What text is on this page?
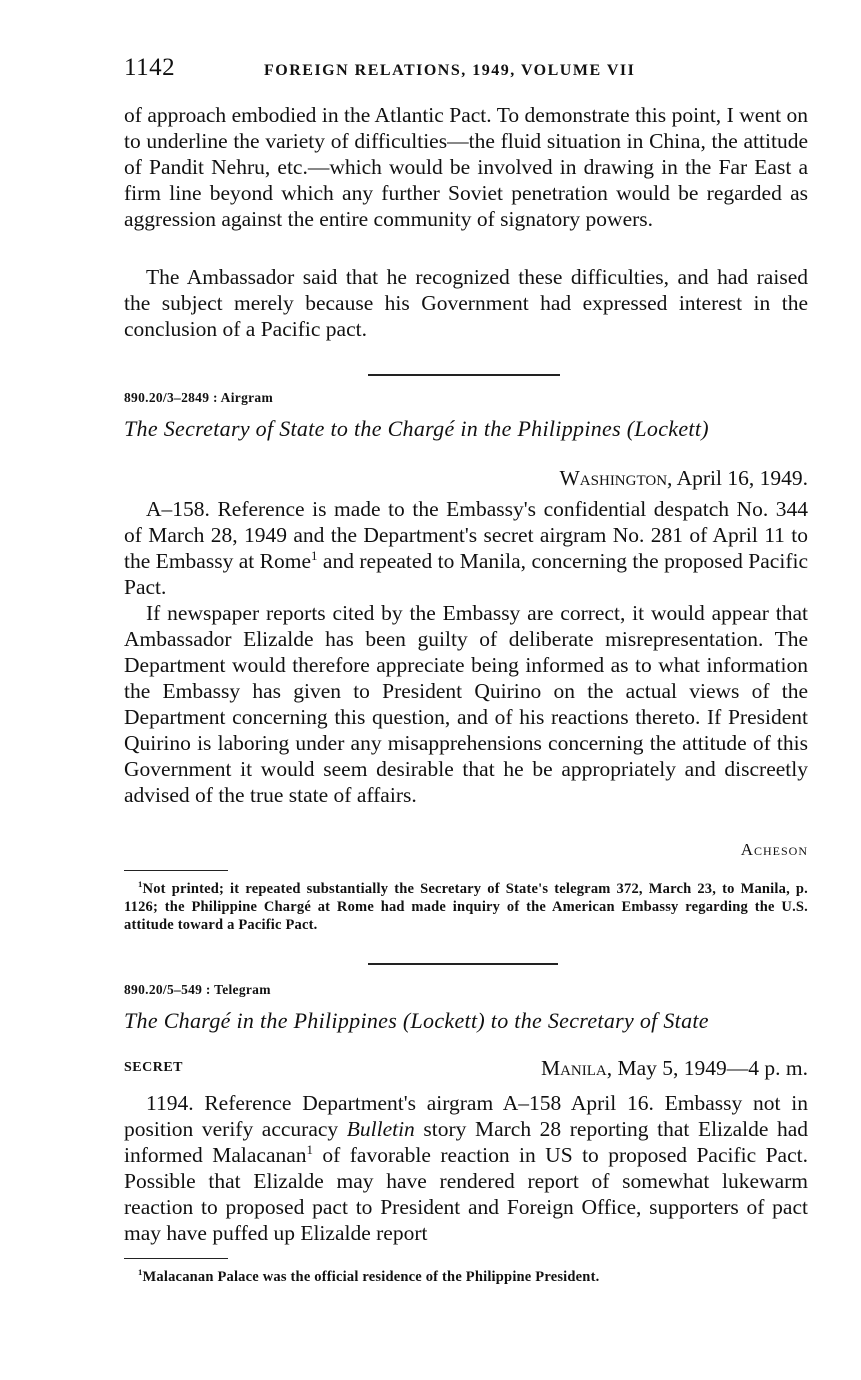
1142	FOREIGN RELATIONS, 1949, VOLUME VII

of approach embodied in the Atlantic Pact. To demonstrate this point, I went on to underline the variety of difficulties—the fluid situation in China, the attitude of Pandit Nehru, etc.—which would be involved in drawing in the Far East a firm line beyond which any further Soviet penetration would be regarded as aggression against the entire community of signatory powers.

The Ambassador said that he recognized these difficulties, and had raised the subject merely because his Government had expressed interest in the conclusion of a Pacific pact.

890.20/3–2849 : Airgram
The Secretary of State to the Chargé in the Philippines (Lockett)
Washington, April 16, 1949.

A–158. Reference is made to the Embassy's confidential despatch No. 344 of March 28, 1949 and the Department's secret airgram No. 281 of April 11 to the Embassy at Rome$^1$ and repeated to Manila, concerning the proposed Pacific Pact.

If newspaper reports cited by the Embassy are correct, it would appear that Ambassador Elizalde has been guilty of deliberate misrepresentation. The Department would therefore appreciate being informed as to what information the Embassy has given to President Quirino on the actual views of the Department concerning this question, and of his reactions thereto. If President Quirino is laboring under any misapprehensions concerning the attitude of this Government it would seem desirable that he be appropriately and discreetly advised of the true state of affairs.

Acheson

$^1$Not printed; it repeated substantially the Secretary of State's telegram 372, March 23, to Manila, p. 1126; the Philippine Chargé at Rome had made inquiry of the American Embassy regarding the U.S. attitude toward a Pacific Pact.

890.20/5–549 : Telegram
The Chargé in the Philippines (Lockett) to the Secretary of State
SECRET	Manila, May 5, 1949—4 p. m.

1194. Reference Department's airgram A–158 April 16. Embassy not in position verify accuracy Bulletin story March 28 reporting that Elizalde had informed Malacanan$^1$ of favorable reaction in US to proposed Pacific Pact. Possible that Elizalde may have rendered report of somewhat lukewarm reaction to proposed pact to President and Foreign Office, supporters of pact may have puffed up Elizalde report

$^1$Malacanan Palace was the official residence of the Philippine President.
